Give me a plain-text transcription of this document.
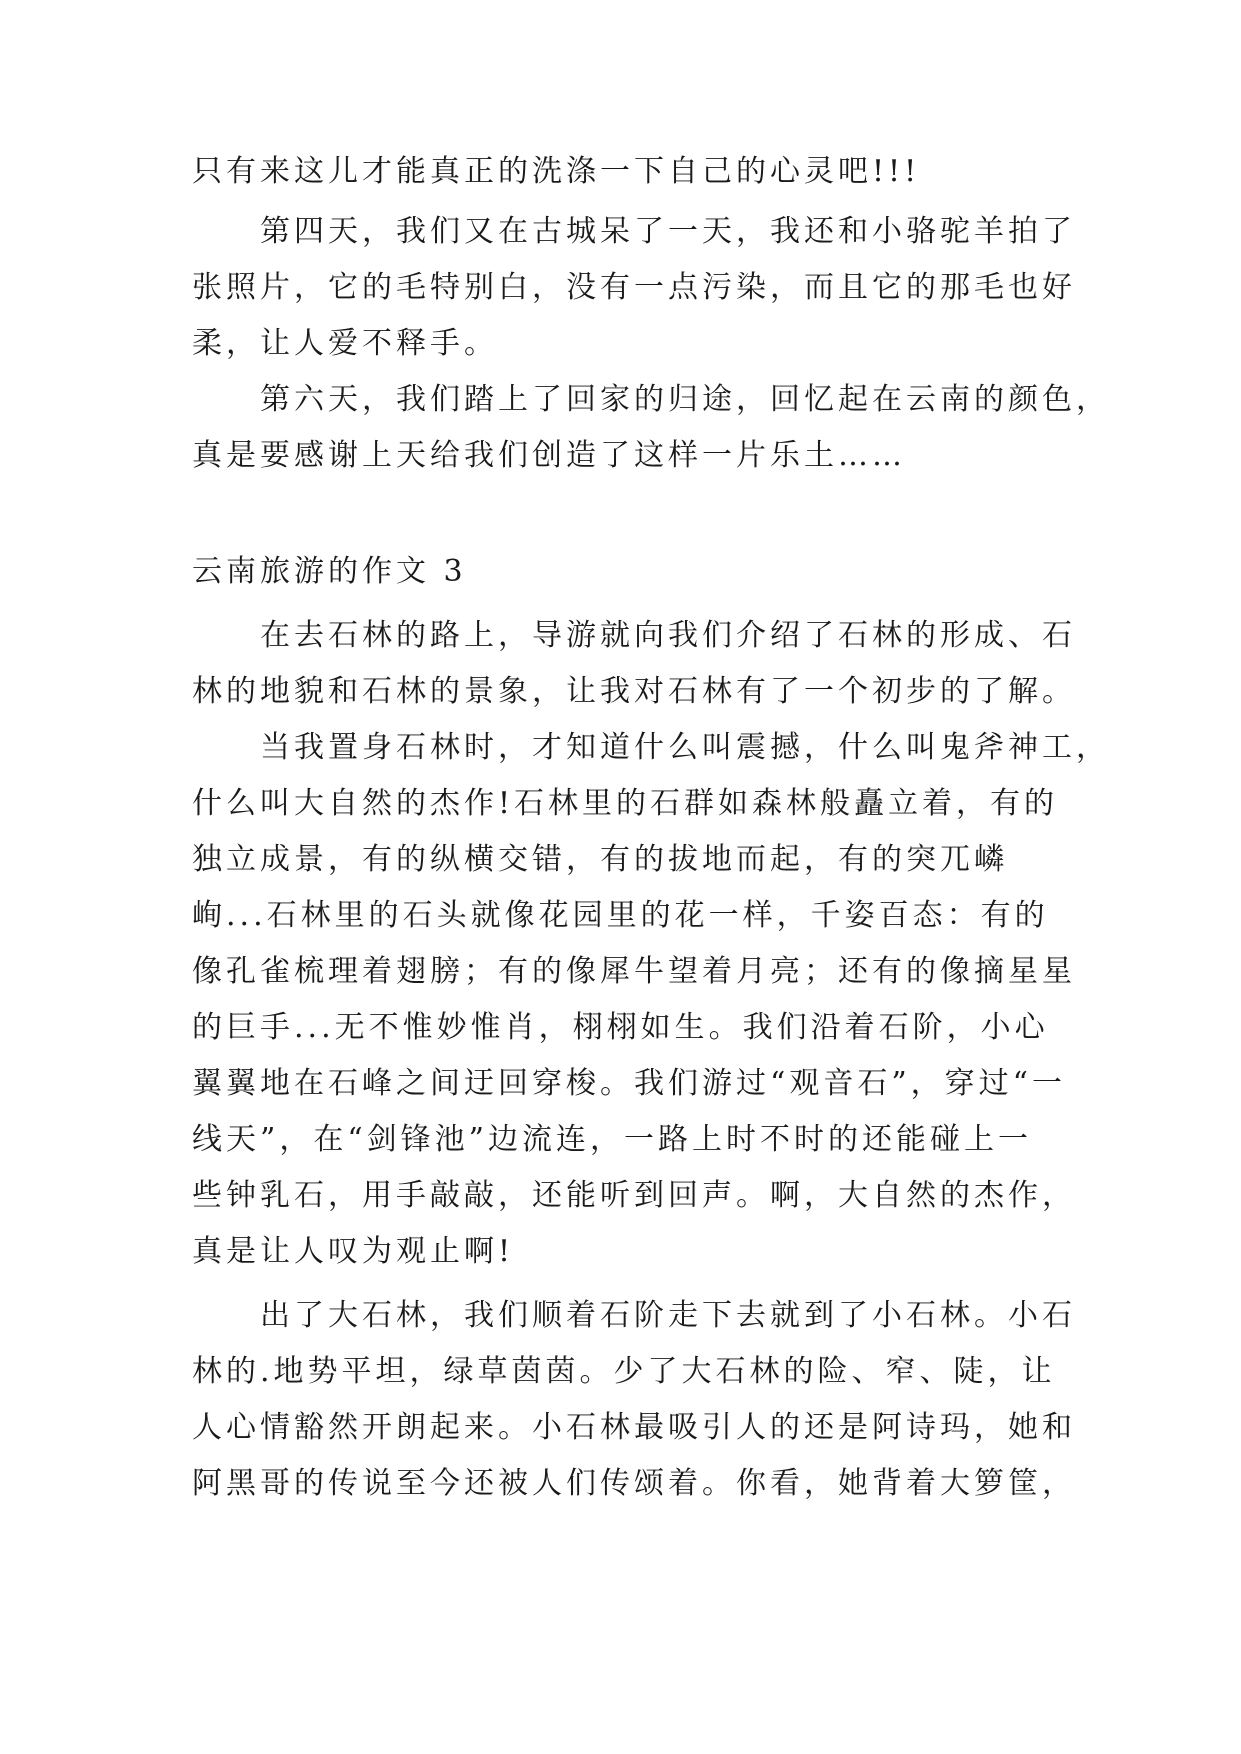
只有来这儿才能真正的洗涤一下自己的心灵吧!!!
　　第四天，我们又在古城呆了一天，我还和小骆驼羊拍了
张照片，它的毛特别白，没有一点污染，而且它的那毛也好
柔，让人爱不释手。
　　第六天，我们踏上了回家的归途，回忆起在云南的颜色，
真是要感谢上天给我们创造了这样一片乐土……
云南旅游的作文 3
　　在去石林的路上，导游就向我们介绍了石林的形成、石
林的地貌和石林的景象，让我对石林有了一个初步的了解。
　　当我置身石林时，才知道什么叫震撼，什么叫鬼斧神工，
什么叫大自然的杰作!石林里的石群如森林般矗立着，有的
独立成景，有的纵横交错，有的拔地而起，有的突兀嶙
峋...石林里的石头就像花园里的花一样，千姿百态：有的
像孔雀梳理着翅膀；有的像犀牛望着月亮；还有的像摘星星
的巨手...无不惟妙惟肖，栩栩如生。我们沿着石阶，小心
翼翼地在石峰之间迂回穿梭。我们游过“观音石”，穿过“一
线天”，在“剑锋池”边流连，一路上时不时的还能碰上一
些钟乳石，用手敲敲，还能听到回声。啊，大自然的杰作，
真是让人叹为观止啊!
　　出了大石林，我们顺着石阶走下去就到了小石林。小石
林的.地势平坦，绿草茵茵。少了大石林的险、窄、陡，让
人心情豁然开朗起来。小石林最吸引人的还是阿诗玛，她和
阿黑哥的传说至今还被人们传颂着。你看，她背着大箩筐，
